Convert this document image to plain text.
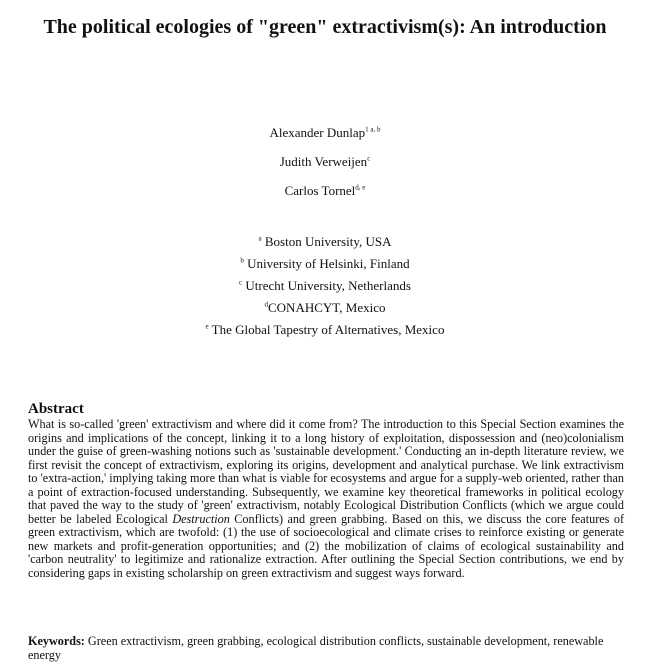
The political ecologies of "green" extractivism(s): An introduction
Alexander Dunlap$^{1 a, b}$
Judith Verweijen$^c$
Carlos Tornel$^{d, e}$
$^a$ Boston University, USA
$^b$ University of Helsinki, Finland
$^c$ Utrecht University, Netherlands
$^d$CONAHCYT, Mexico
$^e$ The Global Tapestry of Alternatives, Mexico
Abstract
What is so-called 'green' extractivism and where did it come from? The introduction to this Special Section examines the origins and implications of the concept, linking it to a long history of exploitation, dispossession and (neo)colonialism under the guise of green-washing notions such as 'sustainable development.' Conducting an in-depth literature review, we first revisit the concept of extractivism, exploring its origins, development and analytical purchase. We link extractivism to 'extra-action,' implying taking more than what is viable for ecosystems and argue for a supply-web oriented, rather than a point of extraction-focused understanding. Subsequently, we examine key theoretical frameworks in political ecology that paved the way to the study of 'green' extractivism, notably Ecological Distribution Conflicts (which we argue could better be labeled Ecological Destruction Conflicts) and green grabbing. Based on this, we discuss the core features of green extractivism, which are twofold: (1) the use of socioecological and climate crises to reinforce existing or generate new markets and profit-generation opportunities; and (2) the mobilization of claims of ecological sustainability and 'carbon neutrality' to legitimize and rationalize extraction. After outlining the Special Section contributions, we end by considering gaps in existing scholarship on green extractivism and suggest ways forward.
Keywords: Green extractivism, green grabbing, ecological distribution conflicts, sustainable development, renewable energy
